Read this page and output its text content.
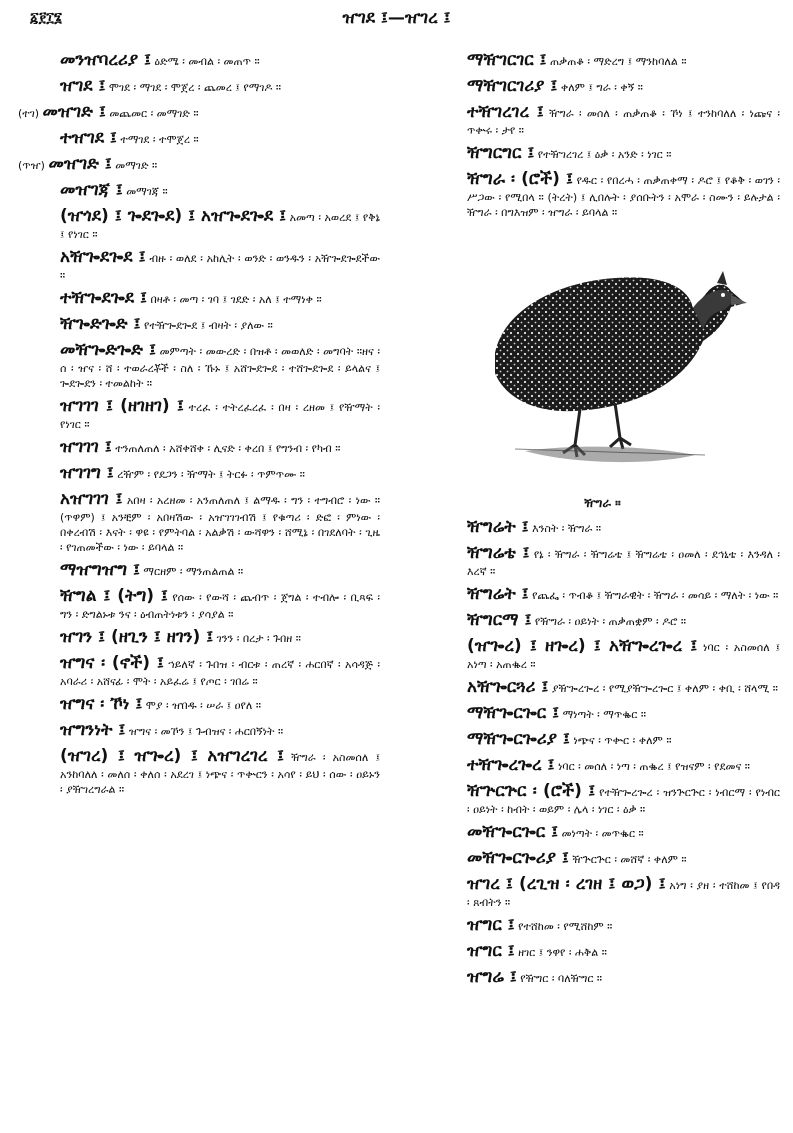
፩፻፲፮	ዠገደ ፤—ዠገረ ፤
መንዠባረሪያ ፤ ዕድሜ ፡ መብል ፡ መጠጥ ።
ዠገደ ፤ ሞገደ ፡ ማገደ ፡ ሞጀረ ፡ ጨመረ ፤ የማገዶ ።
(ተገ) መዠገድ ፤ መጨመር ፡ መማገድ ።
ተዠገደ ፤ ተማገደ ፡ ተሞጀረ ።
(ጥዠ) መዠገድ ፤ መማገድ ።
መዠገጃ ፤ መማገጃ ።
(ዠጎደ) ፤ ጐደጐደ) ፤ አዠጐደጐደ ፤ አመጣ ፡ አወረደ ፤ የቅኔ ፤ የነገር ።
አዥጐደጐደ ፤ ብዙ ፡ ወለደ ፡ አከሊት ፡ ወንድ ፡ ወንዱን ፡ አዥጐደጐደችው ።
ተዥጐደጐደ ፤ በዛቶ ፡ መጣ ፡ ገባ ፤ ገደድ ፡ አለ ፤ ተማነቀ ።
ዥጐድጐድ ፤ የተዥጐደጐደ ፤ ብዛት ፡ ያለው ።
መዥጐድጐድ ፤ መምጣት ፡ መውረድ ፡ በዝቶ ፡ መወለድ ፡ መግባት ።ዘና ፡ ሰ ፡ ዠና ፡ ሸ ፡ ተወራረቾች ፡ ስለ ፡ ኹኑ ፤ አሸጐደጐደ ፡ ተሸጐደጐደ ፡ ይላልና ፤ ጐደጐደን ፡ ተመልከት ።
ዠገገገ ፤ (ዘገዘገ) ፤ ተረፈ ፡ ተትረፈረፈ ፡ በዛ ፡ ረዘመ ፤ የዥማት ፡ የነገር ።
ዠገገገ ፤ ተንጠለጠለ ፡ አሸቀሸቀ ፡ ሊናድ ፡ ቀረበ ፤ የግንብ ፡ የካብ ።
ዠገገግ ፤ ረዥም ፡ የደጋን ፡ ዥማት ፤ ትርፉ ፡ ጥምጥሙ ።
አዠገገገ ፤ አበዛ ፡ አረዘመ ፡ አንጠለጠለ ፤ ልማዱ ፡ ግን ፡ ተግብሮ ፡ ነው ። (ጥዋም) ፤ አንቺም ፡ አበዛሽው ፡ አዠገገገብሽ ፤ የቁጣሪ ፡ ድፎ ፡ ምነው ፡ በቀረብሽ ፡ እናት ፡ ዋዩ ፡ የምትባል ፡ አልቃሽ ፡ ውሻዋን ፡ ሸሚኔ ፡ በገደለባት ፡ ጊዜ ፡ የገጠመችው ፡ ነው ፡ ይባላል ።
ማዠግዠግ ፤ ማርዘም ፡ ማንጠልጠል ።
ዥግል ፤ (ትግ) ፤ የሰው ፡ የውሻ ፡ ጨብጥ ፡ ጀግል ፡ ተብሎ ፡ ቢጻፍ ፡ ግን ፡ ድግልኑቱ ንና ፡ ዕብጠትነቱን ፡ ያሳያል ።
ዠገን ፤ (ዘጊን ፤ ዘገን) ፤ ገንን ፡ በረታ ፡ ጉበዘ ።
ዠግና ፡ (ኖች) ፤ ኀይለኛ ፡ ጉበዝ ፡ ብርቱ ፡ ጠረኛ ፡ ሐርበኛ ፡ አሳዳጅ ፡ አባራሪ ፡ አሸናፊ ፡ ሞት ፡ አይፈሬ ፤ የጦር ፡ ገበሬ ።
ዠግና ፡ ኾነ ፤ ሞያ ፡ ዠበዱ ፡ ሠራ ፤ ዐየለ ።
ዠግንነት ፤ ዠግና ፡ መኾን ፤ ጉብዝና ፡ ሐርበኝነት ።
(ዠገረ) ፤ ዠጐረ) ፤ አዠገረገረ ፤ ዥግራ ፡ አስመሰለ ፤ አንከባለለ ፡ መለሰ ፡ ቀለሰ ፡ አደረገ ፤ ነጭና ፡ ጥቍርን ፡ አሳየ ፡ ይህ ፡ ሰው ፡ ዐይኑን ፡ ያዥገረግራል ።
ማዥገርገር ፤ ጠቃጠቆ ፡ ማድረግ ፤ ማንከባለል ።
ማዥገርገሪያ ፤ ቀለም ፤ ግራ ፡ ቀኝ ።
ተዥገረገረ ፤ ዥግራ ፡ መሰለ ፡ ጠቃጠቆ ፡ ኾነ ፤ ተንከባለለ ፡ ነጩና ፡ ጥቍሩ ፡ ታየ ።
ዥግርግር ፤ የተዥገረገረ ፤ ዕቃ ፡ አንድ ፡ ነገር ።
ዥግራ ፡ (ሮች) ፤ የዱር ፡ የበረሓ ፡ ጠቃጠቀማ ፡ ዶሮ ፤ የቆቅ ፡ ወገን ፡ ሥጋው ፡ የሚበላ ። (ትረት) ፤ ሊበሉት ፡ ያሰቡትን ፡ አሞራ ፡ ስሙን ፡ ይሉታል ፡ ዥግራ ፡ በግእዝም ፡ ዠግራ ፡ ይባላል ።
ዥግራ ።
ዥግሬት ፤ እንስት ፡ ዥግራ ።
ዥግሬቴ ፤ የኔ ፡ ዥግራ ፡ ዥግሬቴ ፤ ዥግሬቴ ፡ ዐመለ ፡ ደኅኒቴ ፡ እንዳለ ፡ እረኛ ።
ዥግሬት ፤ የጨፌ ፡ ጥብቆ ፤ ዥግራዊት ፡ ዥግራ ፡ መሳይ ፡ ማለት ፡ ነው ።
ዥግርማ ፤ የዥግራ ፡ ዐይነት ፡ ጠቃጠቋም ፡ ዶሮ ።
(ዠጐረ) ፤ ዘጐረ) ፤ አዥጐረጐረ ፤ ነባር ፡ አስመሰለ ፤ አነጣ ፡ አጠቈረ ።
አዥጐርጓሪ ፤ ያዥጐረጐረ ፡ የሚያዥጐረጐር ፤ ቀለም ፡ ቀቢ ፡ ሸላሚ ።
ማዥጐርጐር ፤ ማነጣት ፡ ማጥቈር ።
ማዥጐርጐሪያ ፤ ነጭና ፡ ጥቍር ፡ ቀለም ።
ተዥጐረጐረ ፤ ነባር ፡ መሰለ ፡ ነጣ ፡ ጠቈረ ፤ የዝናም ፡ የደመና ።
ዥጕርጕር ፡ (ሮች) ፤ የተዥጐረጐረ ፡ ዝንጕርጕር ፡ ነብርማ ፡ የነብር ፡ ዐይነት ፡ ከብት ፡ ወይም ፡ ሌላ ፡ ነገር ፡ ዕቃ ።
መዥጐርጐር ፤ መነጣት ፡ መጥቈር ።
መዥጐርጐሪያ ፤ ዥጕርጕር ፡ መሸኛ ፡ ቀለም ።
ዠገረ ፤ (ረጊዝ ፡ ረገዘ ፤ ወጋ) ፤ አነግ ፡ ያዘ ፡ ተሸከመ ፤ የበዳ ፡ ጸብትን ።
ዠግር ፤ የተሸከመ ፡ የሚሸከም ።
ዠግር ፤ ዘገር ፤ ንዋየ ፡ ሐቅል ።
ዠግሬ ፤ የዥግር ፡ ባለዥግር ።
